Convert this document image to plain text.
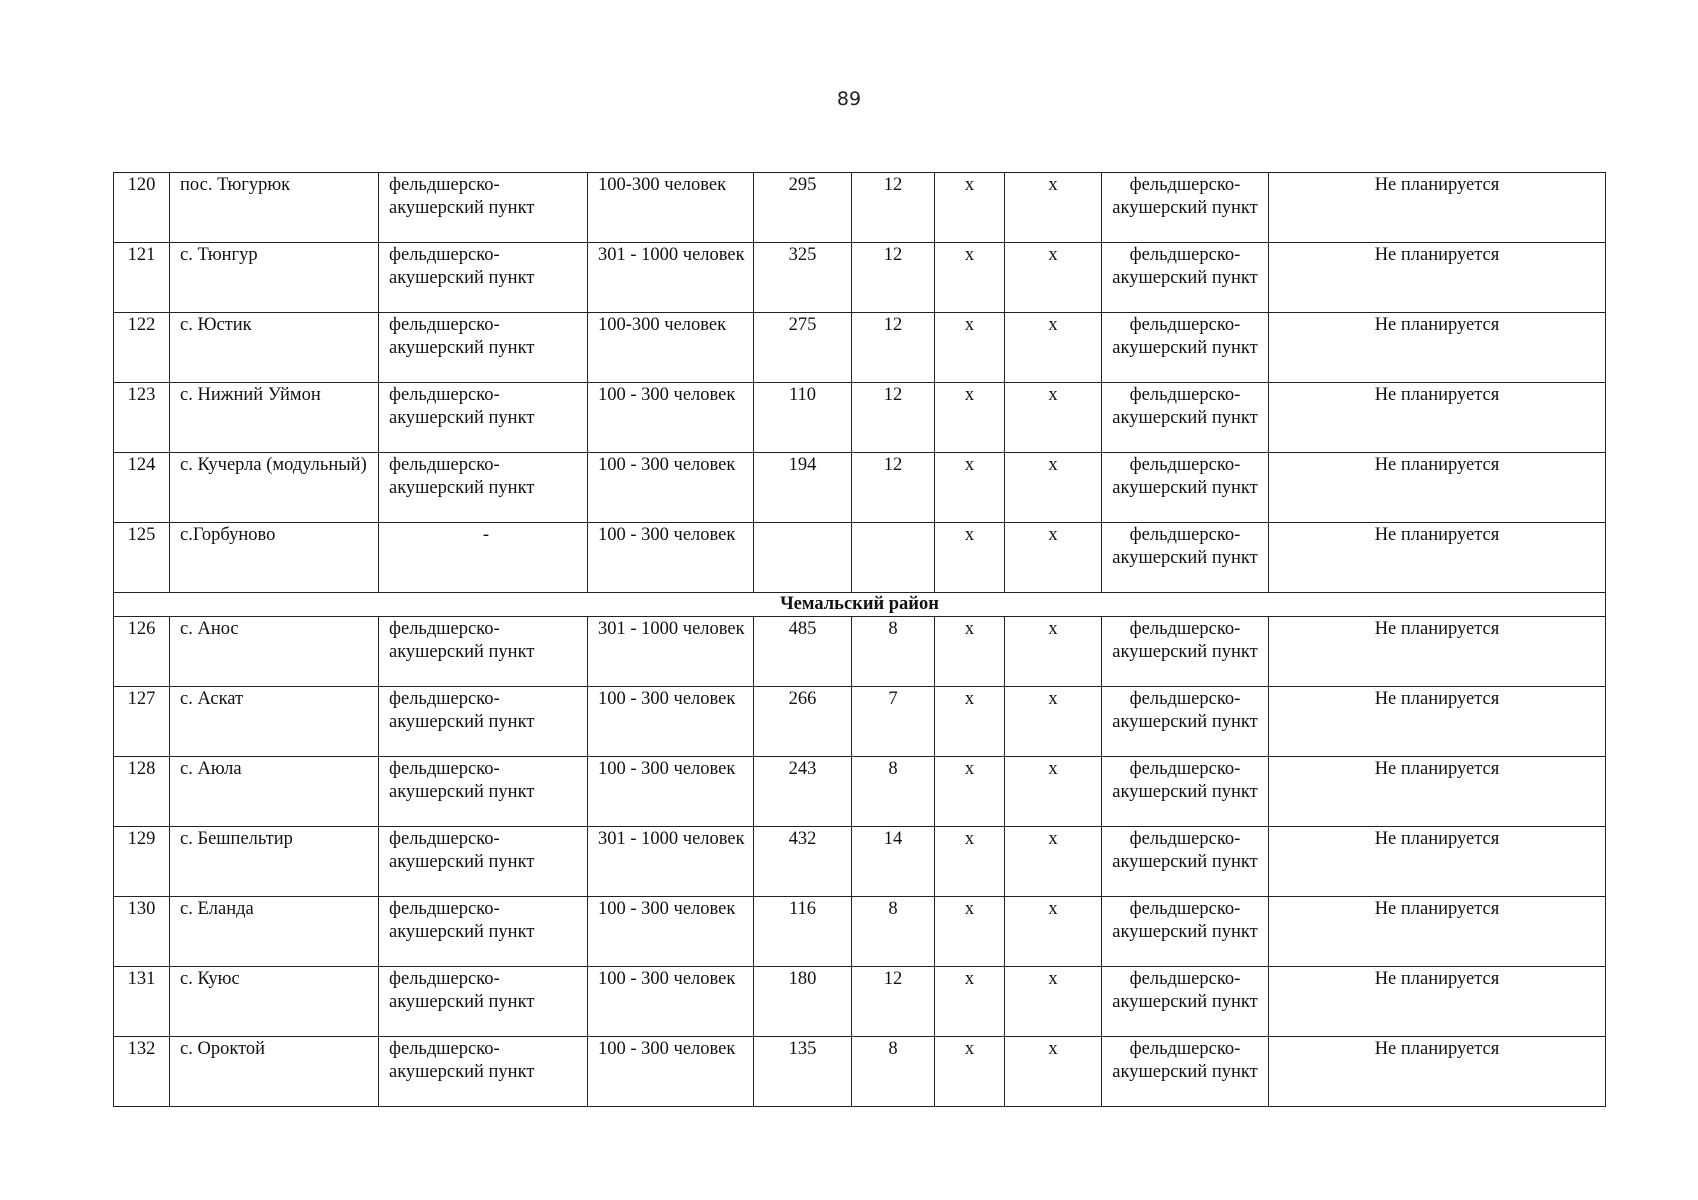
89
120	пос. Тюгурюк	фельдшерско-акушерский пункт	100-300 человек	295	12	х	х	фельдшерско-акушерский пункт	Не планируется
121	с. Тюнгур	фельдшерско-акушерский пункт	301 - 1000 человек	325	12	х	х	фельдшерско-акушерский пункт	Не планируется
122	с. Юстик	фельдшерско-акушерский пункт	100-300 человек	275	12	х	х	фельдшерско-акушерский пункт	Не планируется
123	с. Нижний Уймон	фельдшерско-акушерский пункт	100 - 300 человек	110	12	х	х	фельдшерско-акушерский пункт	Не планируется
124	с. Кучерла (модульный)	фельдшерско-акушерский пункт	100 - 300 человек	194	12	х	х	фельдшерско-акушерский пункт	Не планируется
125	с.Горбуново	-	100 - 300 человек			х	х	фельдшерско-акушерский пункт	Не планируется
Чемальский район									
126	с. Анос	фельдшерско-акушерский пункт	301 - 1000 человек	485	8	х	х	фельдшерско-акушерский пункт	Не планируется
127	с. Аскат	фельдшерско-акушерский пункт	100 - 300 человек	266	7	х	х	фельдшерско-акушерский пункт	Не планируется
128	с. Аюла	фельдшерско-акушерский пункт	100 - 300 человек	243	8	х	х	фельдшерско-акушерский пункт	Не планируется
129	с. Бешпельтир	фельдшерско-акушерский пункт	301 - 1000 человек	432	14	х	х	фельдшерско-акушерский пункт	Не планируется
130	с. Еланда	фельдшерско-акушерский пункт	100 - 300 человек	116	8	х	х	фельдшерско-акушерский пункт	Не планируется
131	с. Куюс	фельдшерско-акушерский пункт	100 - 300 человек	180	12	х	х	фельдшерско-акушерский пункт	Не планируется
132	с. Ороктой	фельдшерско-акушерский пункт	100 - 300 человек	135	8	х	х	фельдшерско-акушерский пункт	Не планируется
